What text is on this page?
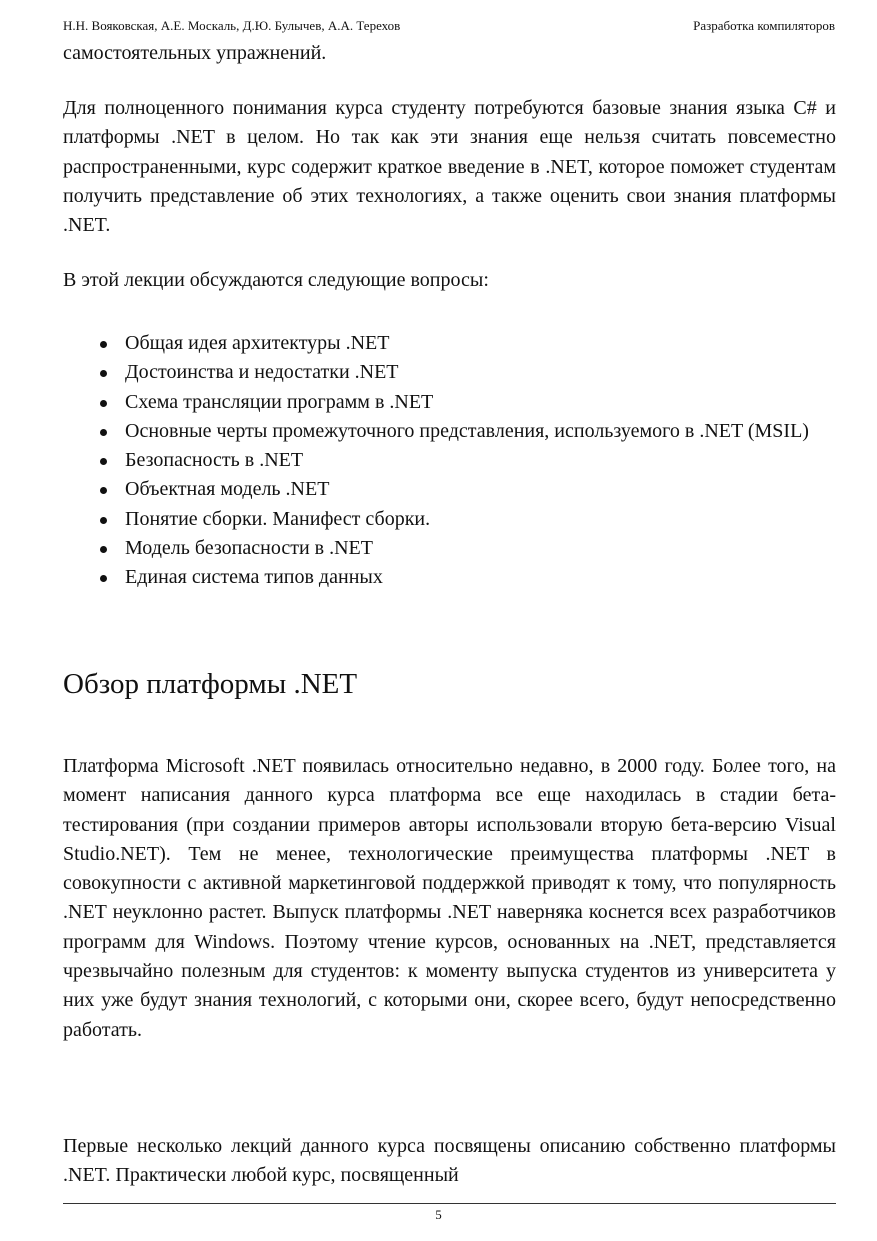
Н.Н. Вояковская, А.Е. Москаль, Д.Ю. Булычев, А.А. Терехов	Разработка компиляторов

самостоятельных упражнений.

Для полноценного понимания курса студенту потребуются базовые знания языка C# и платформы .NET в целом. Но так как эти знания еще нельзя считать повсеместно распространенными, курс содержит краткое введение в .NET, которое поможет студентам получить представление об этих технологиях, а также оценить свои знания платформы .NET.

В этой лекции обсуждаются следующие вопросы:

Общая идея архитектуры .NET
Достоинства и недостатки .NET
Схема трансляции программ в .NET
Основные черты промежуточного представления, используемого в .NET (MSIL)
Безопасность в .NET
Объектная модель .NET
Понятие сборки. Манифест сборки.
Модель безопасности в .NET
Единая система типов данных
Обзор платформы .NET

Платформа Microsoft .NET появилась относительно недавно, в 2000 году. Более того, на момент написания данного курса платформа все еще находилась в стадии бета-тестирования (при создании примеров авторы использовали вторую бета-версию Visual Studio.NET). Тем не менее, технологические преимущества платформы .NET в совокупности с активной маркетинговой поддержкой приводят к тому, что популярность .NET неуклонно растет. Выпуск платформы .NET наверняка коснется всех разработчиков программ для Windows. Поэтому чтение курсов, основанных на .NET, представляется чрезвычайно полезным для студентов: к моменту выпуска студентов из университета у них уже будут знания технологий, с которыми они, скорее всего, будут непосредственно работать.

Первые несколько лекций данного курса посвящены описанию собственно платформы .NET. Практически любой курс, посвященный

5
